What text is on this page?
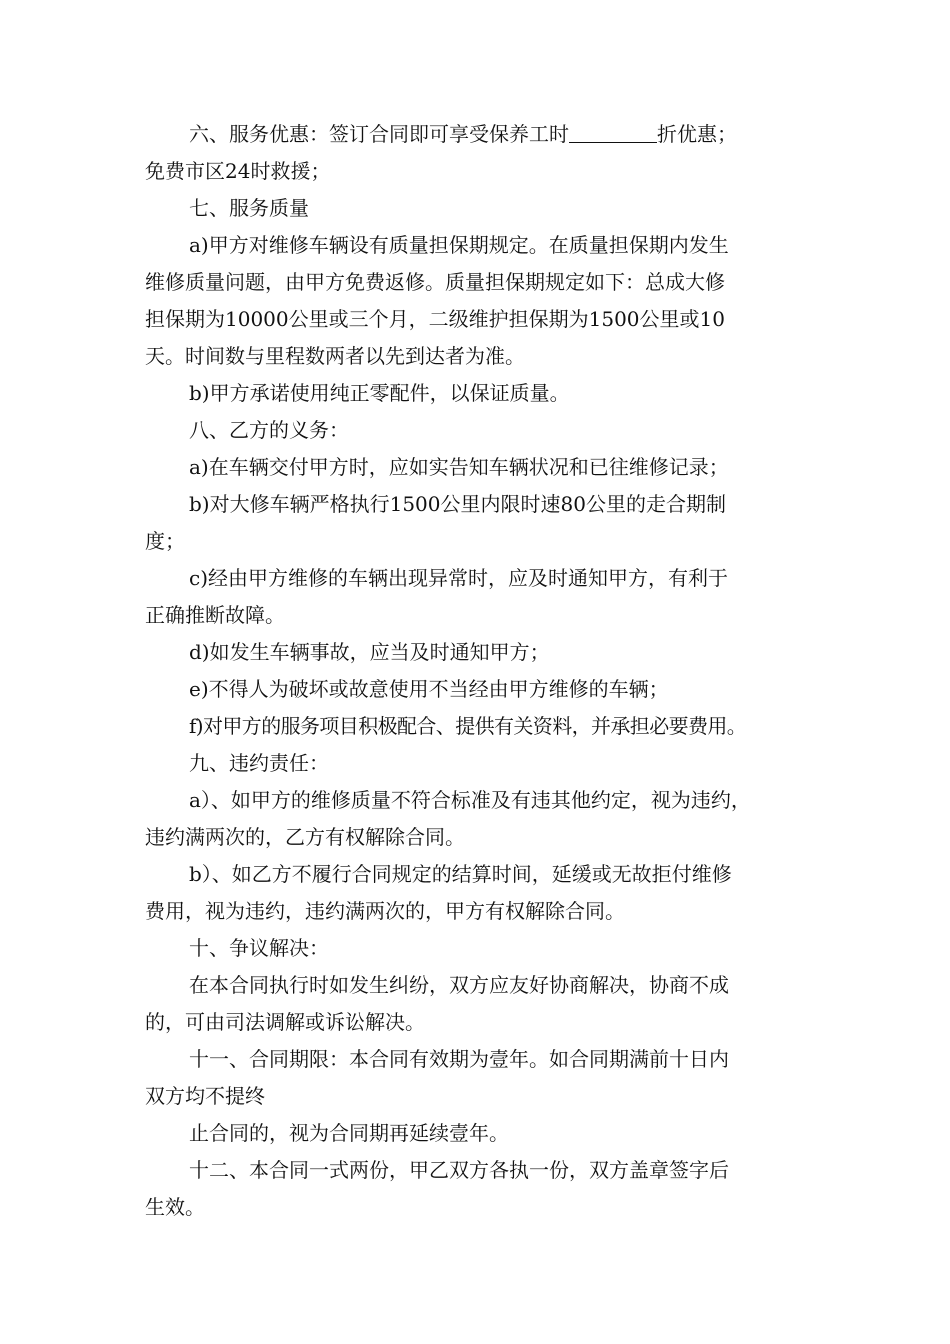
六、服务优惠：签订合同即可享受保养工时	折优惠；

免费市区24时救援；

七、服务质量

a)甲方对维修车辆设有质量担保期规定。在质量担保期内发生

维修质量问题，由甲方免费返修。质量担保期规定如下：总成大修
担保期为10000公里或三个月，二级维护担保期为1500公里或10
天。时间数与里程数两者以先到达者为准。

b)甲方承诺使用纯正零配件，以保证质量。

八、乙方的义务：

a)在车辆交付甲方时，应如实告知车辆状况和已往维修记录；

b)对大修车辆严格执行1500公里内限时速80公里的走合期制

度；

c)经由甲方维修的车辆出现异常时，应及时通知甲方，有利于

正确推断故障。

d)如发生车辆事故，应当及时通知甲方；

e)不得人为破坏或故意使用不当经由甲方维修的车辆；

f)对甲方的服务项目积极配合、提供有关资料，并承担必要费用。

九、违约责任：

a）、如甲方的维修质量不符合标准及有违其他约定，视为违约，

违约满两次的，乙方有权解除合同。

b）、如乙方不履行合同规定的结算时间，延缓或无故拒付维修

费用，视为违约，违约满两次的，甲方有权解除合同。

十、争议解决：

在本合同执行时如发生纠纷，双方应友好协商解决，协商不成

的，可由司法调解或诉讼解决。

十一、合同期限：本合同有效期为壹年。如合同期满前十日内

双方均不提终

止合同的，视为合同期再延续壹年。

十二、本合同一式两份，甲乙双方各执一份，双方盖章签字后

生效。
